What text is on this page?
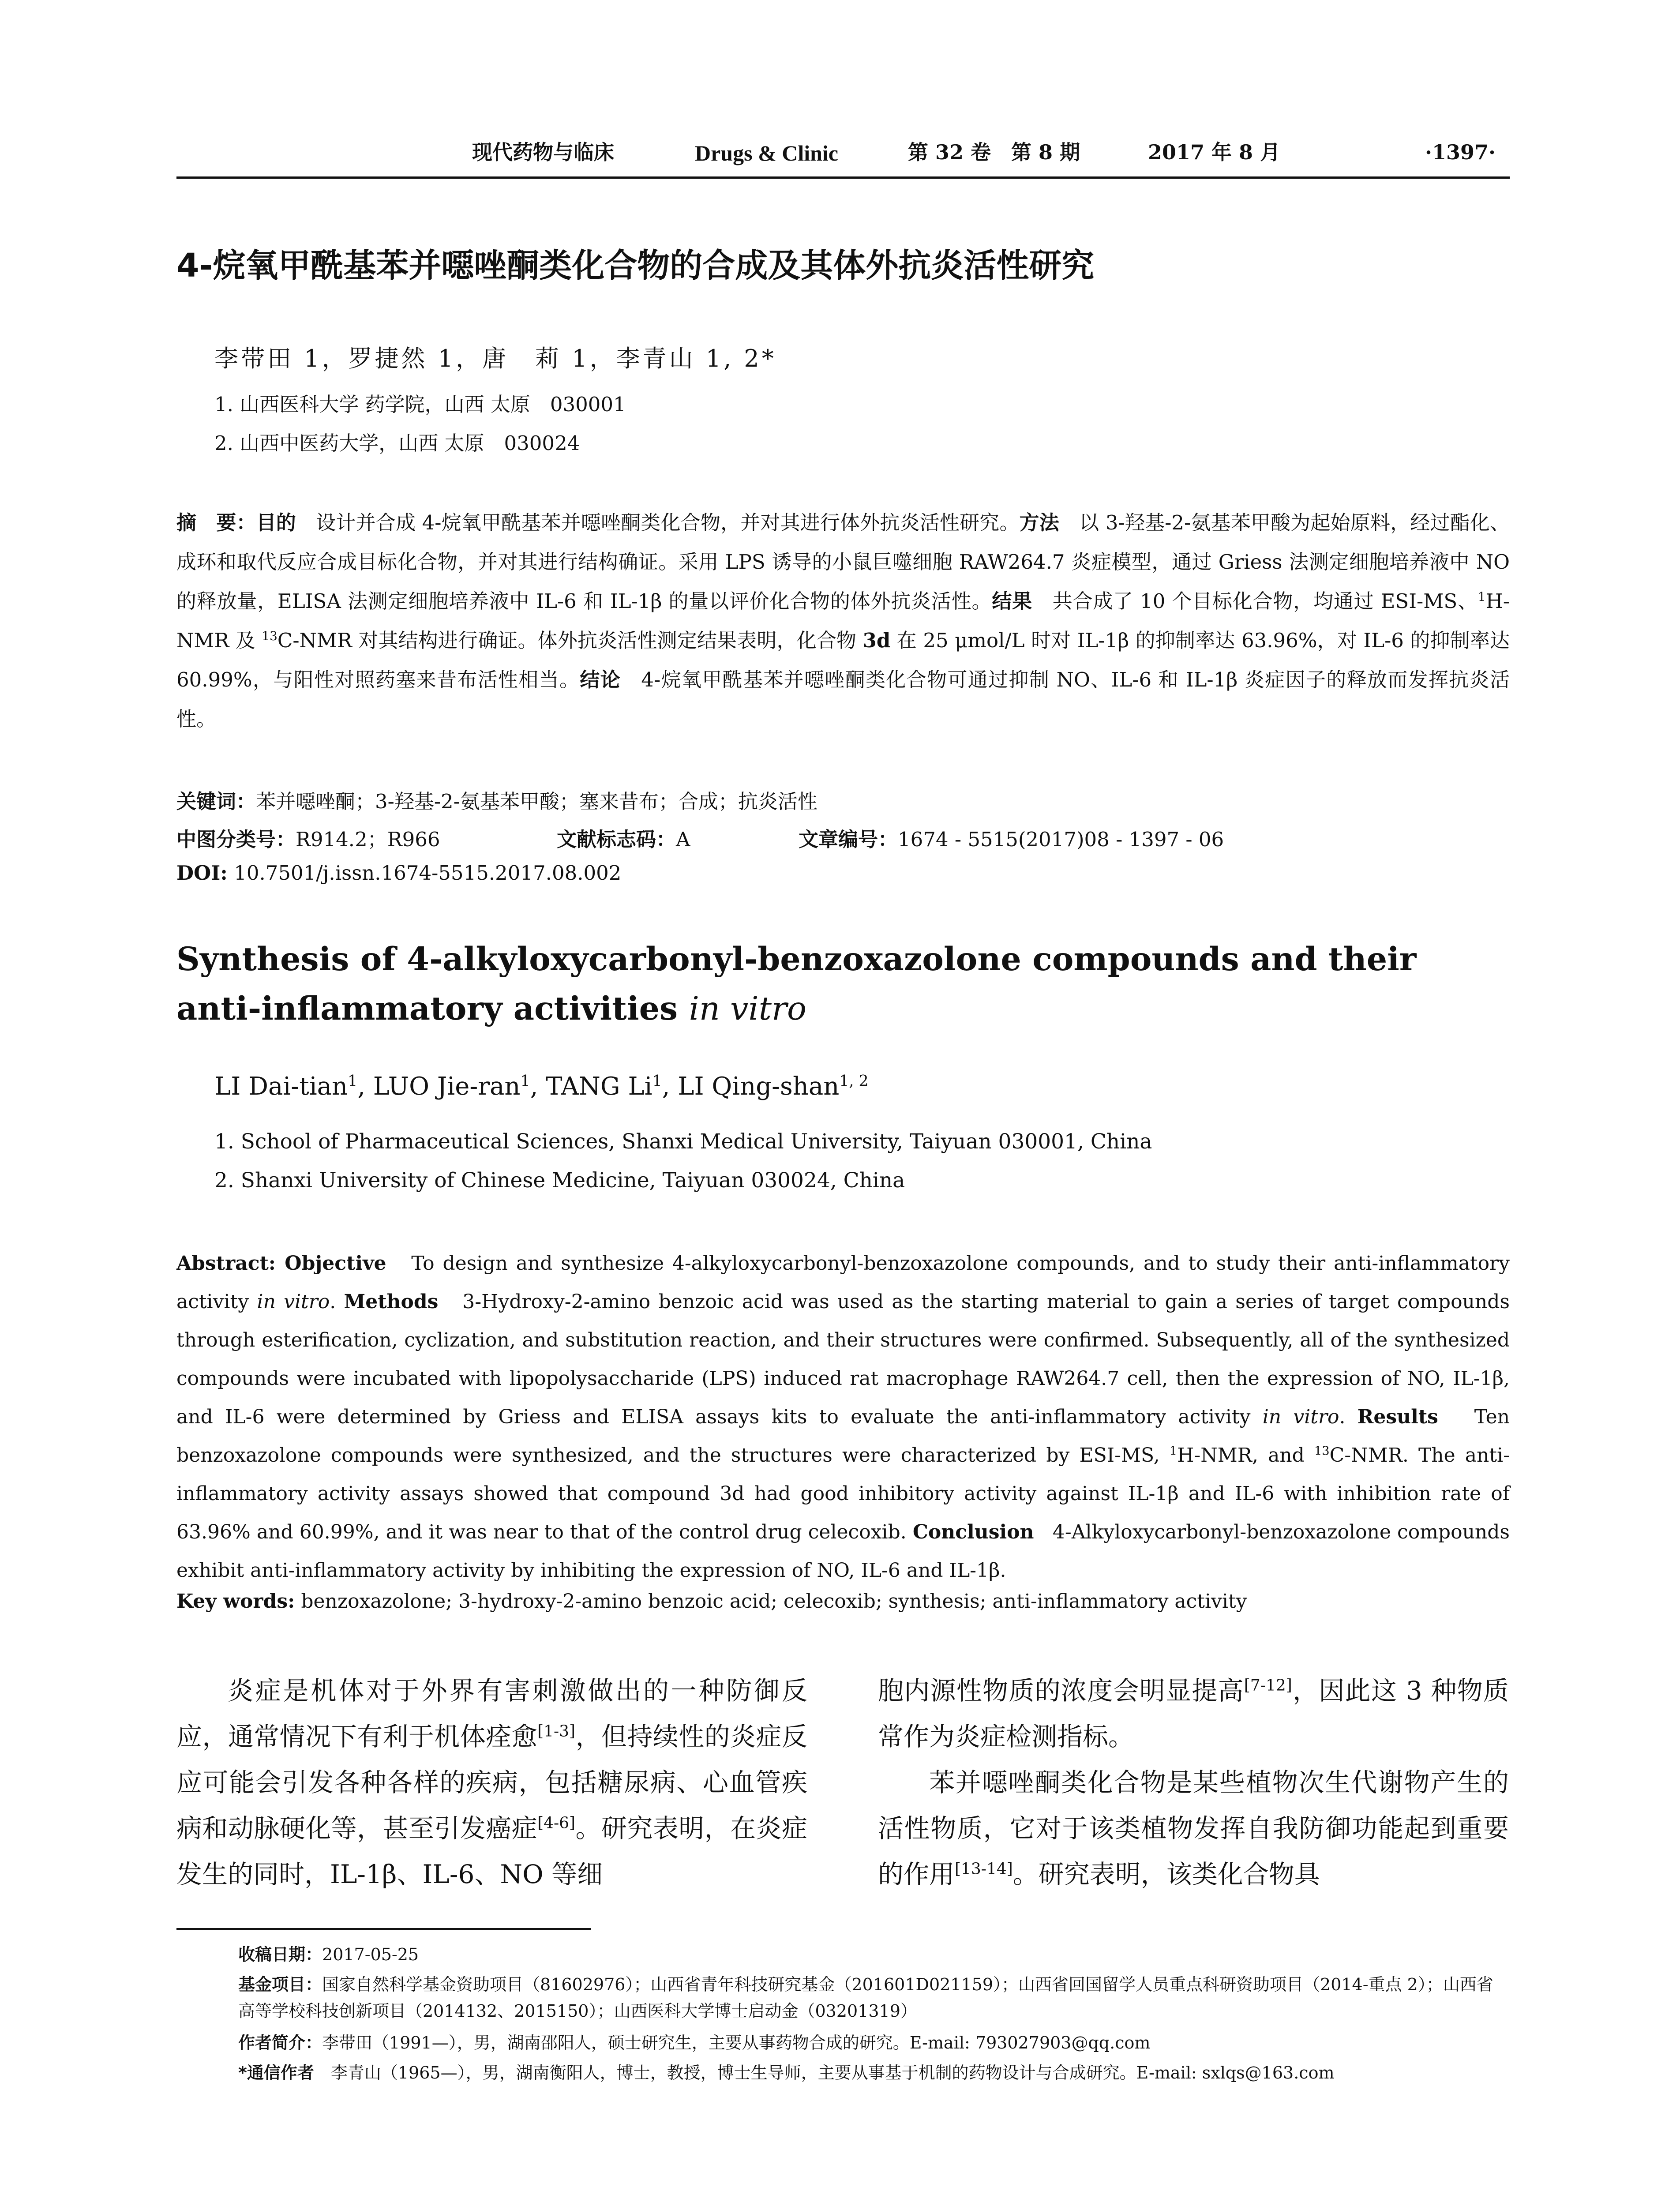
现代药物与临床	Drugs & Clinic	第 32 卷　第 8 期	2017 年 8 月	·1397·
4-烷氧甲酰基苯并噁唑酮类化合物的合成及其体外抗炎活性研究
李带田 1，罗捷然 1，唐　莉 1，李青山 1, 2*
1. 山西医科大学 药学院，山西 太原　030001
2. 山西中医药大学，山西 太原　030024
摘　要：目的　 设计并合成 4-烷氧甲酰基苯并噁唑酮类化合物，并对其进行体外抗炎活性研究。方法　 以 3-羟基-2-氨基苯甲酸为起始原料，经过酯化、成环和取代反应合成目标化合物，并对其进行结构确证。采用 LPS 诱导的小鼠巨噬细胞 RAW264.7 炎症模型，通过 Griess 法测定细胞培养液中 NO 的释放量，ELISA 法测定细胞培养液中 IL-6 和 IL-1β 的量以评价化合物的体外抗炎活性。结果　 共合成了 10 个目标化合物，均通过 ESI-MS、$^1$H-NMR 及 $^{13}$C-NMR 对其结构进行确证。体外抗炎活性测定结果表明，化合物 3d 在 25 μmol/L 时对 IL-1β 的抑制率达 63.96%，对 IL-6 的抑制率达 60.99%，与阳性对照药塞来昔布活性相当。结论　 4-烷氧甲酰基苯并噁唑酮类化合物可通过抑制 NO、IL-6 和 IL-1β 炎症因子的释放而发挥抗炎活性。
关键词：苯并噁唑酮；3-羟基-2-氨基苯甲酸；塞来昔布；合成；抗炎活性
中图分类号：R914.2；R966	文献标志码：A	文章编号：1674 - 5515(2017)08 - 1397 - 06
DOI: 10.7501/j.issn.1674-5515.2017.08.002
Synthesis of 4-alkyloxycarbonyl-benzoxazolone compounds and their anti-inflammatory activities in vitro
LI Dai-tian$^1$, LUO Jie-ran$^1$, TANG Li$^1$, LI Qing-shan$^{1, 2}$
1. School of Pharmaceutical Sciences, Shanxi Medical University, Taiyuan 030001, China
2. Shanxi University of Chinese Medicine, Taiyuan 030024, China
Abstract: Objective To design and synthesize 4-alkyloxycarbonyl-benzoxazolone compounds, and to study their anti-inflammatory activity in vitro. Methods 3-Hydroxy-2-amino benzoic acid was used as the starting material to gain a series of target compounds through esterification, cyclization, and substitution reaction, and their structures were confirmed. Subsequently, all of the synthesized compounds were incubated with lipopolysaccharide (LPS) induced rat macrophage RAW264.7 cell, then the expression of NO, IL-1β, and IL-6 were determined by Griess and ELISA assays kits to evaluate the anti-inflammatory activity in vitro. Results Ten benzoxazolone compounds were synthesized, and the structures were characterized by ESI-MS, $^1$H-NMR, and $^{13}$C-NMR. The anti-inflammatory activity assays showed that compound 3d had good inhibitory activity against IL-1β and IL-6 with inhibition rate of 63.96% and 60.99%, and it was near to that of the control drug celecoxib. Conclusion 4-Alkyloxycarbonyl-benzoxazolone compounds exhibit anti-inflammatory activity by inhibiting the expression of NO, IL-6 and IL-1β.
Key words: benzoxazolone; 3-hydroxy-2-amino benzoic acid; celecoxib; synthesis; anti-inflammatory activity

炎症是机体对于外界有害刺激做出的一种防御反应，通常情况下有利于机体痊愈[1-3]，但持续性的炎症反应可能会引发各种各样的疾病，包括糖尿病、心血管疾病和动脉硬化等，甚至引发癌症[4-6]。研究表明，在炎症发生的同时，IL-1β、IL-6、NO 等细

胞内源性物质的浓度会明显提高[7-12]，因此这 3 种物质常作为炎症检测指标。

苯并噁唑酮类化合物是某些植物次生代谢物产生的活性物质，它对于该类植物发挥自我防御功能起到重要的作用[13-14]。研究表明，该类化合物具

收稿日期：2017-05-25
基金项目：国家自然科学基金资助项目（81602976）；山西省青年科技研究基金（201601D021159）；山西省回国留学人员重点科研资助项目（2014-重点 2）；山西省高等学校科技创新项目（2014132、2015150）；山西医科大学博士启动金（03201319）
作者简介：李带田（1991—），男，湖南邵阳人，硕士研究生，主要从事药物合成的研究。E-mail: 793027903@qq.com
*通信作者　 李青山（1965—），男，湖南衡阳人，博士，教授，博士生导师，主要从事基于机制的药物设计与合成研究。E-mail: sxlqs@163.com
